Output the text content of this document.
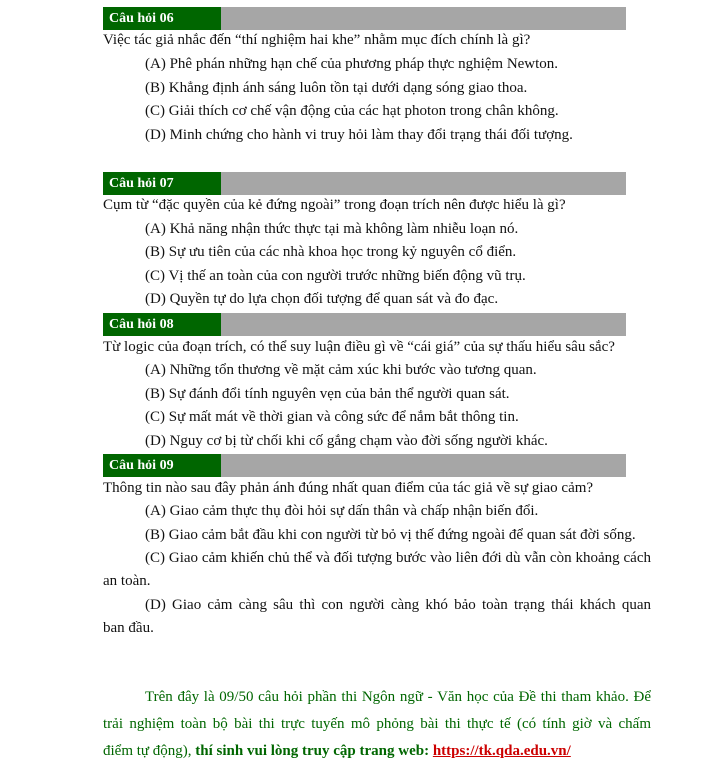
Câu hỏi 06
Việc tác giả nhắc đến “thí nghiệm hai khe” nhằm mục đích chính là gì?
(A) Phê phán những hạn chế của phương pháp thực nghiệm Newton.
(B) Khẳng định ánh sáng luôn tồn tại dưới dạng sóng giao thoa.
(C) Giải thích cơ chế vận động của các hạt photon trong chân không.
(D) Minh chứng cho hành vi truy hỏi làm thay đổi trạng thái đối tượng.
Câu hỏi 07
Cụm từ “đặc quyền của kẻ đứng ngoài” trong đoạn trích nên được hiểu là gì?
(A) Khả năng nhận thức thực tại mà không làm nhiễu loạn nó.
(B) Sự ưu tiên của các nhà khoa học trong kỷ nguyên cổ điển.
(C) Vị thế an toàn của con người trước những biến động vũ trụ.
(D) Quyền tự do lựa chọn đối tượng để quan sát và đo đạc.
Câu hỏi 08
Từ logic của đoạn trích, có thể suy luận điều gì về “cái giá” của sự thấu hiểu sâu sắc?
(A) Những tổn thương về mặt cảm xúc khi bước vào tương quan.
(B) Sự đánh đổi tính nguyên vẹn của bản thể người quan sát.
(C) Sự mất mát về thời gian và công sức để nắm bắt thông tin.
(D) Nguy cơ bị từ chối khi cố gắng chạm vào đời sống người khác.
Câu hỏi 09
Thông tin nào sau đây phản ánh đúng nhất quan điểm của tác giả về sự giao cảm?
(A) Giao cảm thực thụ đòi hỏi sự dấn thân và chấp nhận biến đổi.
(B) Giao cảm bắt đầu khi con người từ bỏ vị thế đứng ngoài để quan sát đời sống.
(C) Giao cảm khiến chủ thể và đối tượng bước vào liên đới dù vẫn còn khoảng cách
an toàn.
(D) Giao cảm càng sâu thì con người càng khó bảo toàn trạng thái khách quan
ban đầu.
Trên đây là 09/50 câu hỏi phần thi Ngôn ngữ - Văn học của Đề thi tham khảo. Để
trải nghiệm toàn bộ bài thi trực tuyến mô phỏng bài thi thực tế (có tính giờ và chấm
điểm tự động), thí sinh vui lòng truy cập trang web: https://tk.qda.edu.vn/
